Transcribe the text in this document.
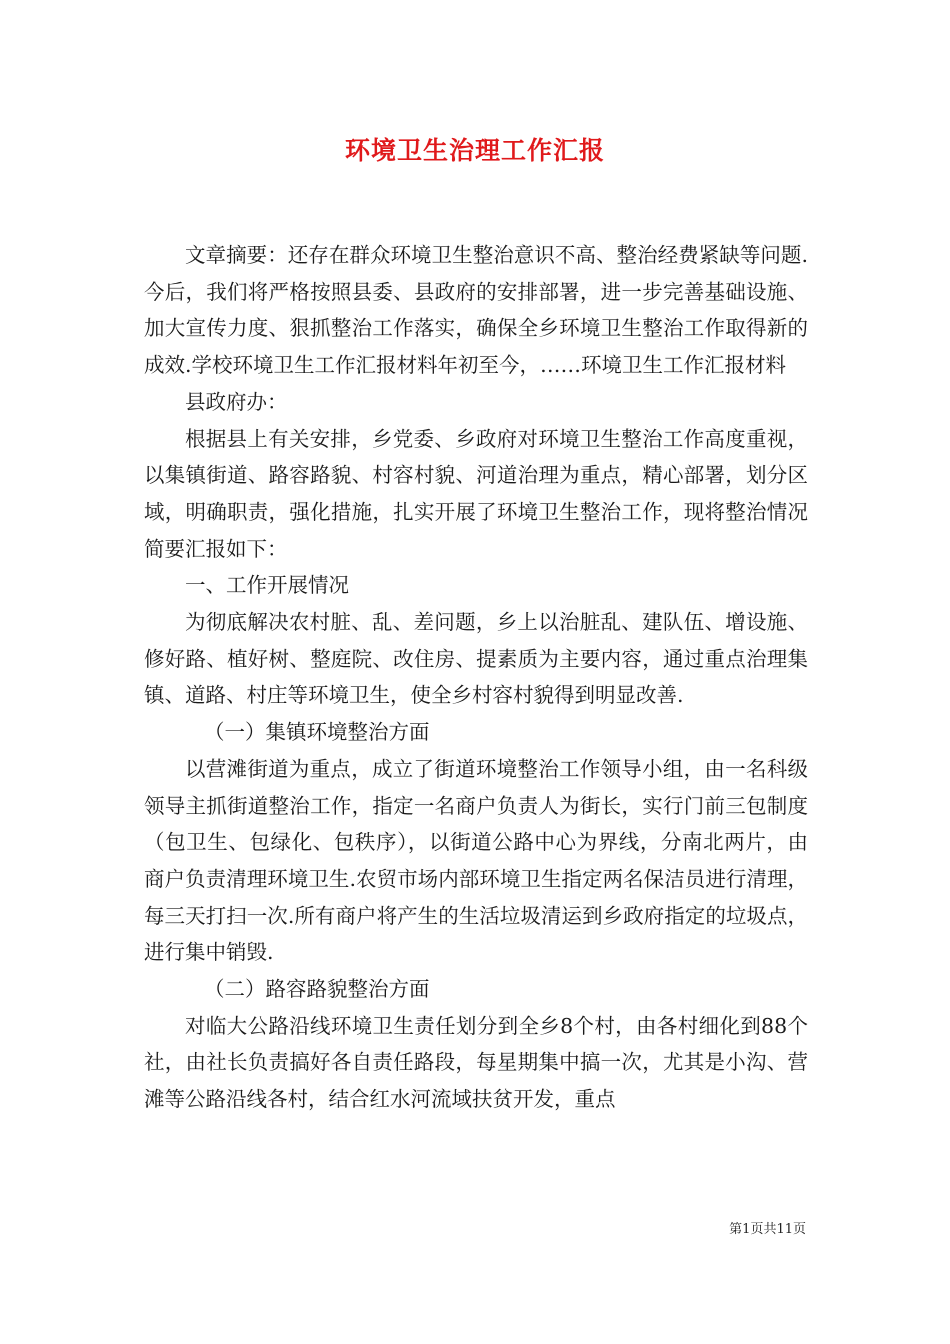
环境卫生治理工作汇报

文章摘要：还存在群众环境卫生整治意识不高、整治经费紧缺等问题.今后，我们将严格按照县委、县政府的安排部署，进一步完善基础设施、加大宣传力度、狠抓整治工作落实，确保全乡环境卫生整治工作取得新的成效.学校环境卫生工作汇报材料年初至今，……环境卫生工作汇报材料

县政府办：

根据县上有关安排，乡党委、乡政府对环境卫生整治工作高度重视，以集镇街道、路容路貌、村容村貌、河道治理为重点，精心部署，划分区域，明确职责，强化措施，扎实开展了环境卫生整治工作，现将整治情况简要汇报如下：

一、工作开展情况

为彻底解决农村脏、乱、差问题，乡上以治脏乱、建队伍、增设施、修好路、植好树、整庭院、改住房、提素质为主要内容，通过重点治理集镇、道路、村庄等环境卫生，使全乡村容村貌得到明显改善.

（一）集镇环境整治方面

以营滩街道为重点，成立了街道环境整治工作领导小组，由一名科级领导主抓街道整治工作，指定一名商户负责人为街长，实行门前三包制度（包卫生、包绿化、包秩序），以街道公路中心为界线，分南北两片，由商户负责清理环境卫生.农贸市场内部环境卫生指定两名保洁员进行清理，每三天打扫一次.所有商户将产生的生活垃圾清运到乡政府指定的垃圾点，进行集中销毁.

（二）路容路貌整治方面

对临大公路沿线环境卫生责任划分到全乡8个村，由各村细化到88个社，由社长负责搞好各自责任路段，每星期集中搞一次，尤其是小沟、营滩等公路沿线各村，结合红水河流域扶贫开发，重点

第1页共11页
